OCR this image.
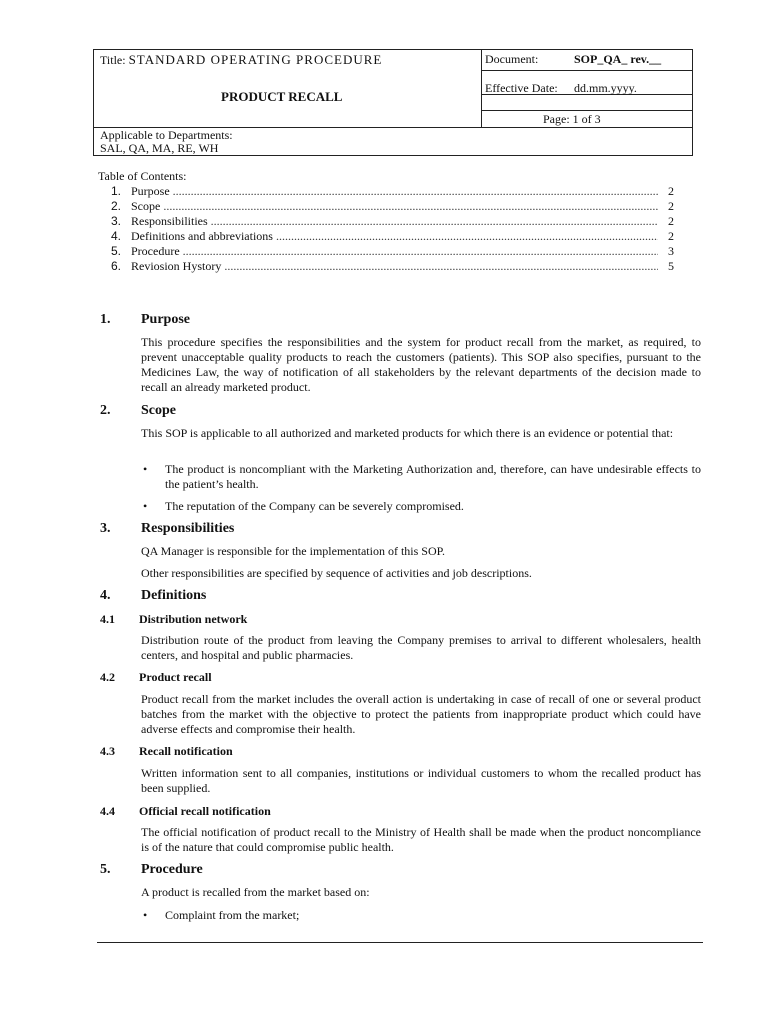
Title: STANDARD OPERATING PROCEDURE
PRODUCT RECALL
Document:	SOP_QA_ rev.__
Effective Date: dd.mm.yyyy.
Page: 1 of 3
Applicable to Departments:
SAL, QA, MA, RE, WH
Table of Contents:
1. Purpose .....	2
2. Scope .....	2
3. Responsibilities .....	2
4. Definitions and abbreviations .....	2
5. Procedure .....	3
6. Reviosion Hystory .....	5
1. Purpose
This procedure specifies the responsibilities and the system for product recall from the market, as required, to prevent unacceptable quality products to reach the customers (patients). This SOP also specifies, pursuant to the Medicines Law, the way of notification of all stakeholders by the relevant departments of the decision made to recall an already marketed product.
2. Scope
This SOP is applicable to all authorized and marketed products for which there is an evidence or potential that:
• The product is noncompliant with the Marketing Authorization and, therefore, can have undesirable effects to the patient’s health.
• The reputation of the Company can be severely compromised.
3. Responsibilities
QA Manager is responsible for the implementation of this SOP.
Other responsibilities are specified by sequence of activities and job descriptions.
4. Definitions
4.1 Distribution network
Distribution route of the product from leaving the Company premises to arrival to different wholesalers, health centers, and hospital and public pharmacies.
4.2 Product recall
Product recall from the market includes the overall action is undertaking in case of recall of one or several product batches from the market with the objective to protect the patients from inappropriate product which could have adverse effects and compromise their health.
4.3 Recall notification
Written information sent to all companies, institutions or individual customers to whom the recalled product has been supplied.
4.4 Official recall notification
The official notification of product recall to the Ministry of Health shall be made when the product noncompliance is of the nature that could compromise public health.
5. Procedure
A product is recalled from the market based on:
• Complaint from the market;
